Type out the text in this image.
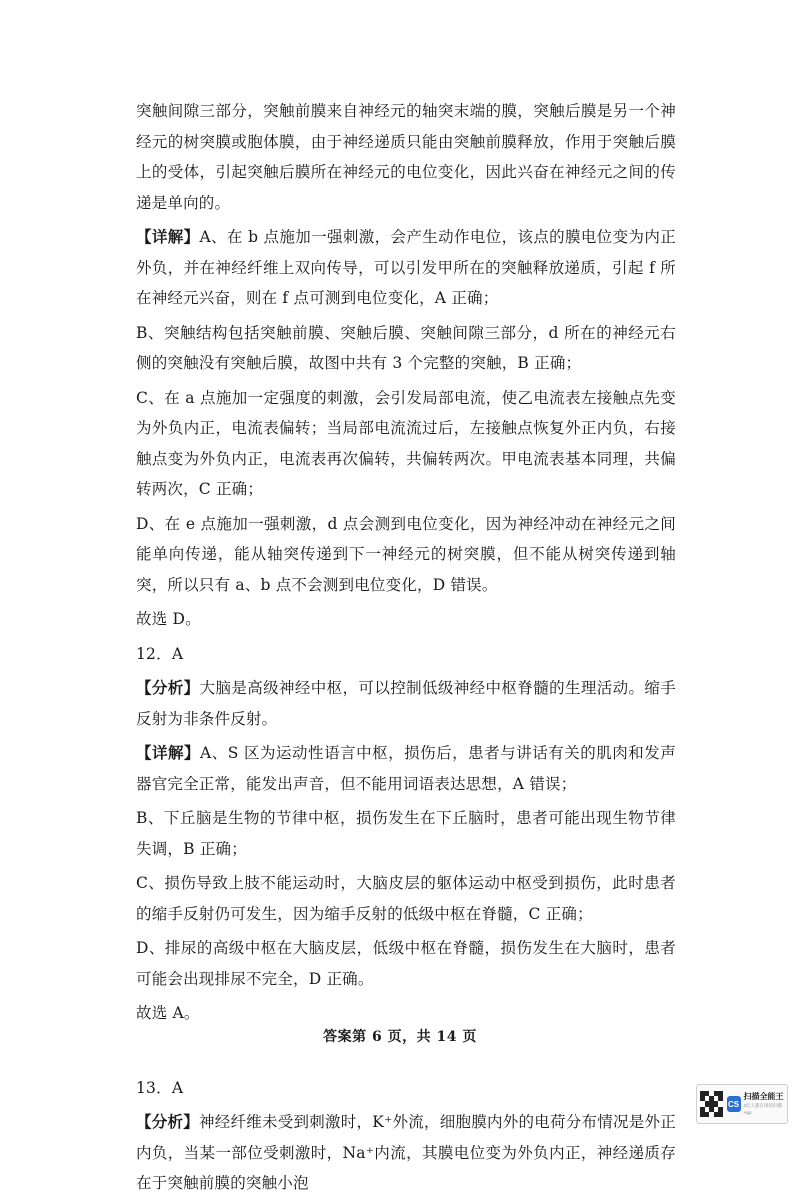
突触间隙三部分，突触前膜来自神经元的轴突末端的膜，突触后膜是另一个神经元的树突膜或胞体膜，由于神经递质只能由突触前膜释放，作用于突触后膜上的受体，引起突触后膜所在神经元的电位变化，因此兴奋在神经元之间的传递是单向的。

【详解】A、在 b 点施加一强刺激，会产生动作电位，该点的膜电位变为内正外负，并在神经纤维上双向传导，可以引发甲所在的突触释放递质，引起 f 所在神经元兴奋，则在 f 点可测到电位变化，A 正确；

B、突触结构包括突触前膜、突触后膜、突触间隙三部分，d 所在的神经元右侧的突触没有突触后膜，故图中共有 3 个完整的突触，B 正确；

C、在 a 点施加一定强度的刺激，会引发局部电流，使乙电流表左接触点先变为外负内正，电流表偏转；当局部电流流过后，左接触点恢复外正内负，右接触点变为外负内正，电流表再次偏转，共偏转两次。甲电流表基本同理，共偏转两次，C 正确；

D、在 e 点施加一强刺激，d 点会测到电位变化，因为神经冲动在神经元之间能单向传递，能从轴突传递到下一神经元的树突膜，但不能从树突传递到轴突，所以只有 a、b 点不会测到电位变化，D 错误。

故选 D。

12．A

【分析】大脑是高级神经中枢，可以控制低级神经中枢脊髓的生理活动。缩手反射为非条件反射。

【详解】A、S 区为运动性语言中枢，损伤后，患者与讲话有关的肌肉和发声器官完全正常，能发出声音，但不能用词语表达思想，A 错误；

B、下丘脑是生物的节律中枢，损伤发生在下丘脑时，患者可能出现生物节律失调，B 正确；

C、损伤导致上肢不能运动时，大脑皮层的躯体运动中枢受到损伤，此时患者的缩手反射仍可发生，因为缩手反射的低级中枢在脊髓，C 正确；

D、排尿的高级中枢在大脑皮层，低级中枢在脊髓，损伤发生在大脑时，患者可能会出现排尿不完全，D 正确。

故选 A。

13．A

【分析】神经纤维未受到刺激时，K⁺外流，细胞膜内外的电荷分布情况是外正内负，当某一部位受刺激时，Na⁺内流，其膜电位变为外负内正，神经递质存在于突触前膜的突触小泡

答案第 6 页，共 14 页
CS
扫描全能王
3亿人都在用的扫描App
